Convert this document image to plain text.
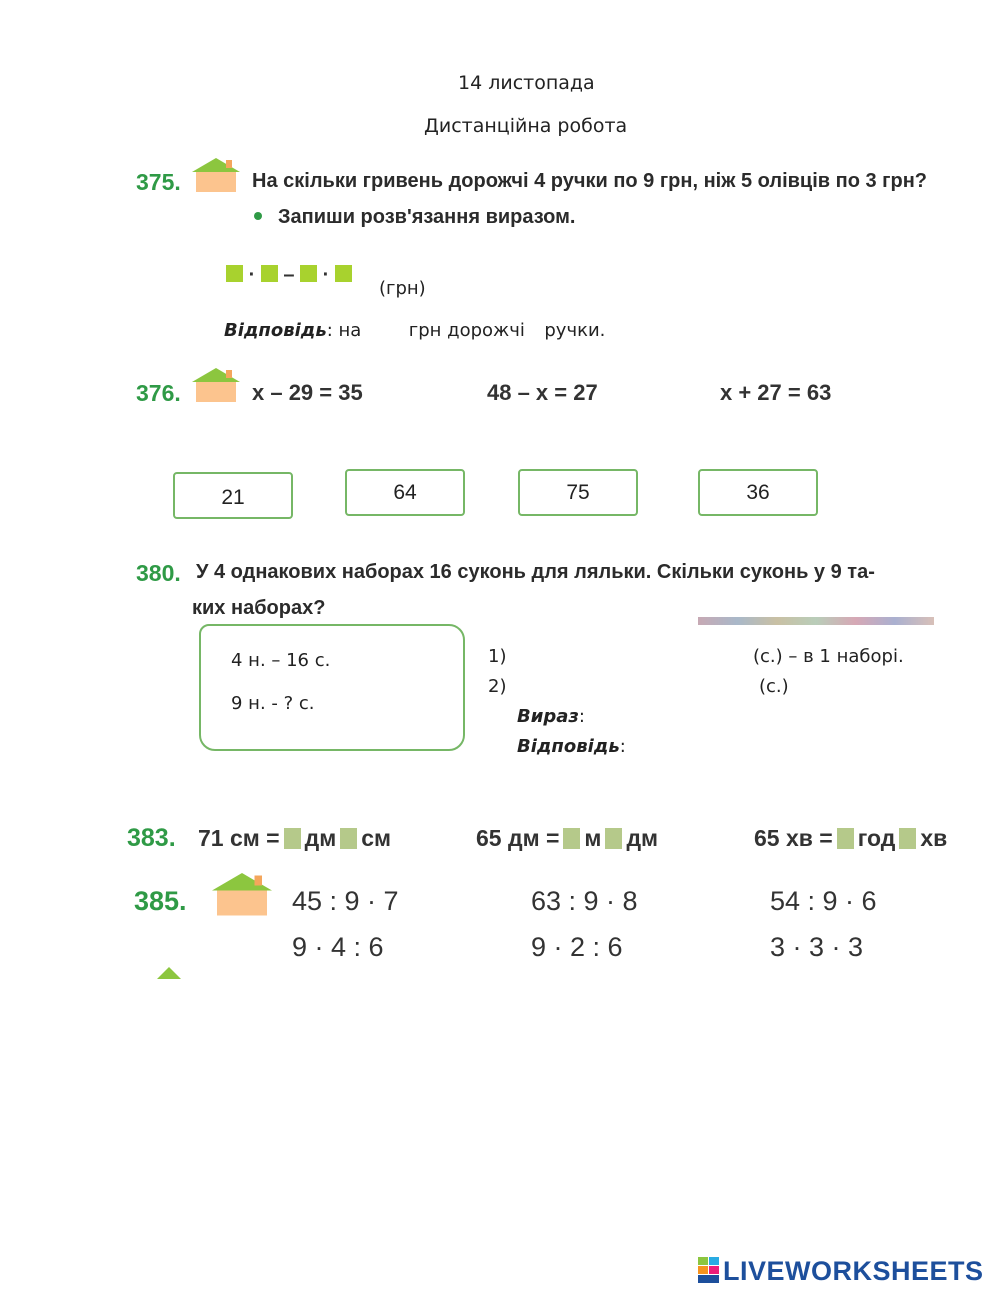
14 листопада
Дистанційна робота
375.	На скільки гривень дорожчі 4 ручки по 9 грн, ніж 5 олівців по 3 грн?
Запиши розв'язання виразом.
· – ·
(грн)
Відповідь: на	грн дорожчі ручки.
376.	x – 29 = 35	48 – x = 27	x + 27 = 63
21	64	75	36
380. У 4 однакових наборах 16 суконь для ляльки. Скільки суконь у 9 та-
ких наборах?
4 н. – 16 с.
9 н. - ? с.
1)
2)
(с.) – в 1 наборі.
(с.)
Вираз:
Відповідь:
383. 71 см = дм см	65 дм = м дм	65 хв = год хв
385.	45 : 9 · 7	63 : 9 · 8	54 : 9 · 6
9 · 4 : 6	9 · 2 : 6	3 · 3 · 3
LIVEWORKSHEETS
